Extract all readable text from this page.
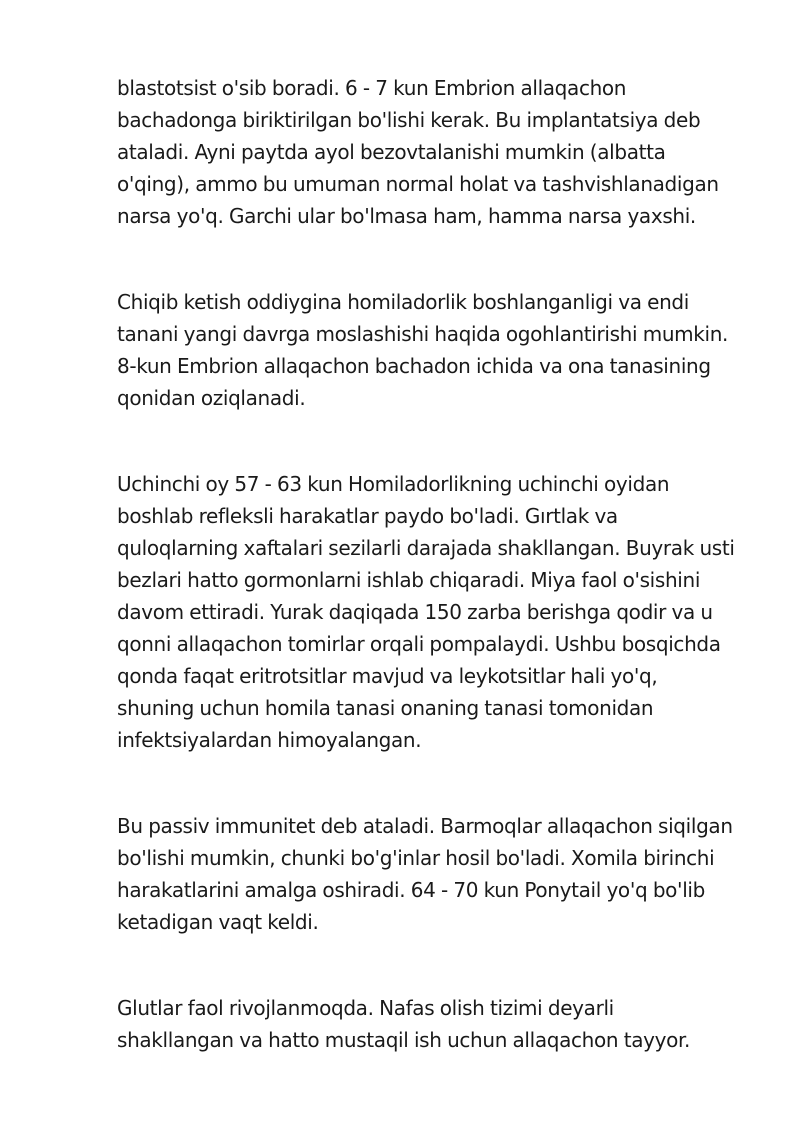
blastotsist o'sib boradi. 6 - 7 kun Embrion allaqachon
bachadonga biriktirilgan bo'lishi kerak. Bu implantatsiya deb
ataladi. Ayni paytda ayol bezovtalanishi mumkin (albatta
o'qing), ammo bu umuman normal holat va tashvishlanadigan
narsa yo'q. Garchi ular bo'lmasa ham, hamma narsa yaxshi.

Chiqib ketish oddiygina homiladorlik boshlanganligi va endi
tanani yangi davrga moslashishi haqida ogohlantirishi mumkin.
8-kun Embrion allaqachon bachadon ichida va ona tanasining
qonidan oziqlanadi.

Uchinchi oy 57 - 63 kun Homiladorlikning uchinchi oyidan
boshlab refleksli harakatlar paydo bo'ladi. Gırtlak va
quloqlarning xaftalari sezilarli darajada shakllangan. Buyrak usti
bezlari hatto gormonlarni ishlab chiqaradi. Miya faol o'sishini
davom ettiradi. Yurak daqiqada 150 zarba berishga qodir va u
qonni allaqachon tomirlar orqali pompalaydi. Ushbu bosqichda
qonda faqat eritrotsitlar mavjud va leykotsitlar hali yo'q,
shuning uchun homila tanasi onaning tanasi tomonidan
infektsiyalardan himoyalangan.

Bu passiv immunitet deb ataladi. Barmoqlar allaqachon siqilgan
bo'lishi mumkin, chunki bo'g'inlar hosil bo'ladi. Xomila birinchi
harakatlarini amalga oshiradi. 64 - 70 kun Ponytail yo'q bo'lib
ketadigan vaqt keldi.

Glutlar faol rivojlanmoqda. Nafas olish tizimi deyarli
shakllangan va hatto mustaqil ish uchun allaqachon tayyor.
